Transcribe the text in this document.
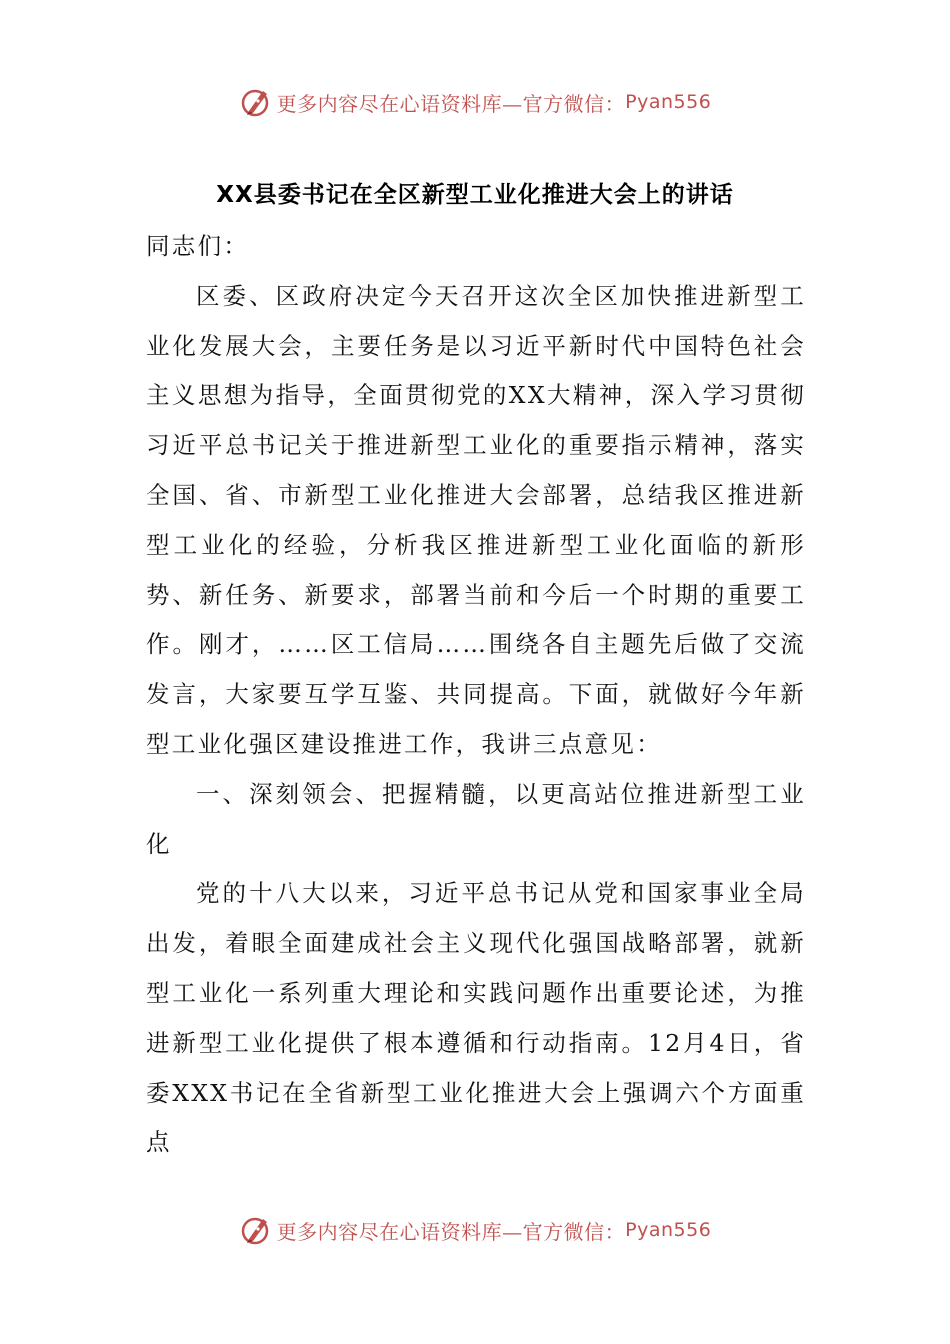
更多内容尽在心语资料库—官方微信： Pyan556
XX县委书记在全区新型工业化推进大会上的讲话

同志们：

区委、区政府决定今天召开这次全区加快推进新型工业化发展大会，主要任务是以习近平新时代中国特色社会主义思想为指导，全面贯彻党的XX大精神，深入学习贯彻习近平总书记关于推进新型工业化的重要指示精神，落实全国、省、市新型工业化推进大会部署，总结我区推进新型工业化的经验，分析我区推进新型工业化面临的新形势、新任务、新要求，部署当前和今后一个时期的重要工作。刚才，……区工信局……围绕各自主题先后做了交流发言，大家要互学互鉴、共同提高。下面，就做好今年新型工业化强区建设推进工作，我讲三点意见：

一、深刻领会、把握精髓，以更高站位推进新型工业化

党的十八大以来，习近平总书记从党和国家事业全局出发，着眼全面建成社会主义现代化强国战略部署，就新型工业化一系列重大理论和实践问题作出重要论述，为推进新型工业化提供了根本遵循和行动指南。12月4日，省委XXX书记在全省新型工业化推进大会上强调六个方面重点

更多内容尽在心语资料库—官方微信： Pyan556
